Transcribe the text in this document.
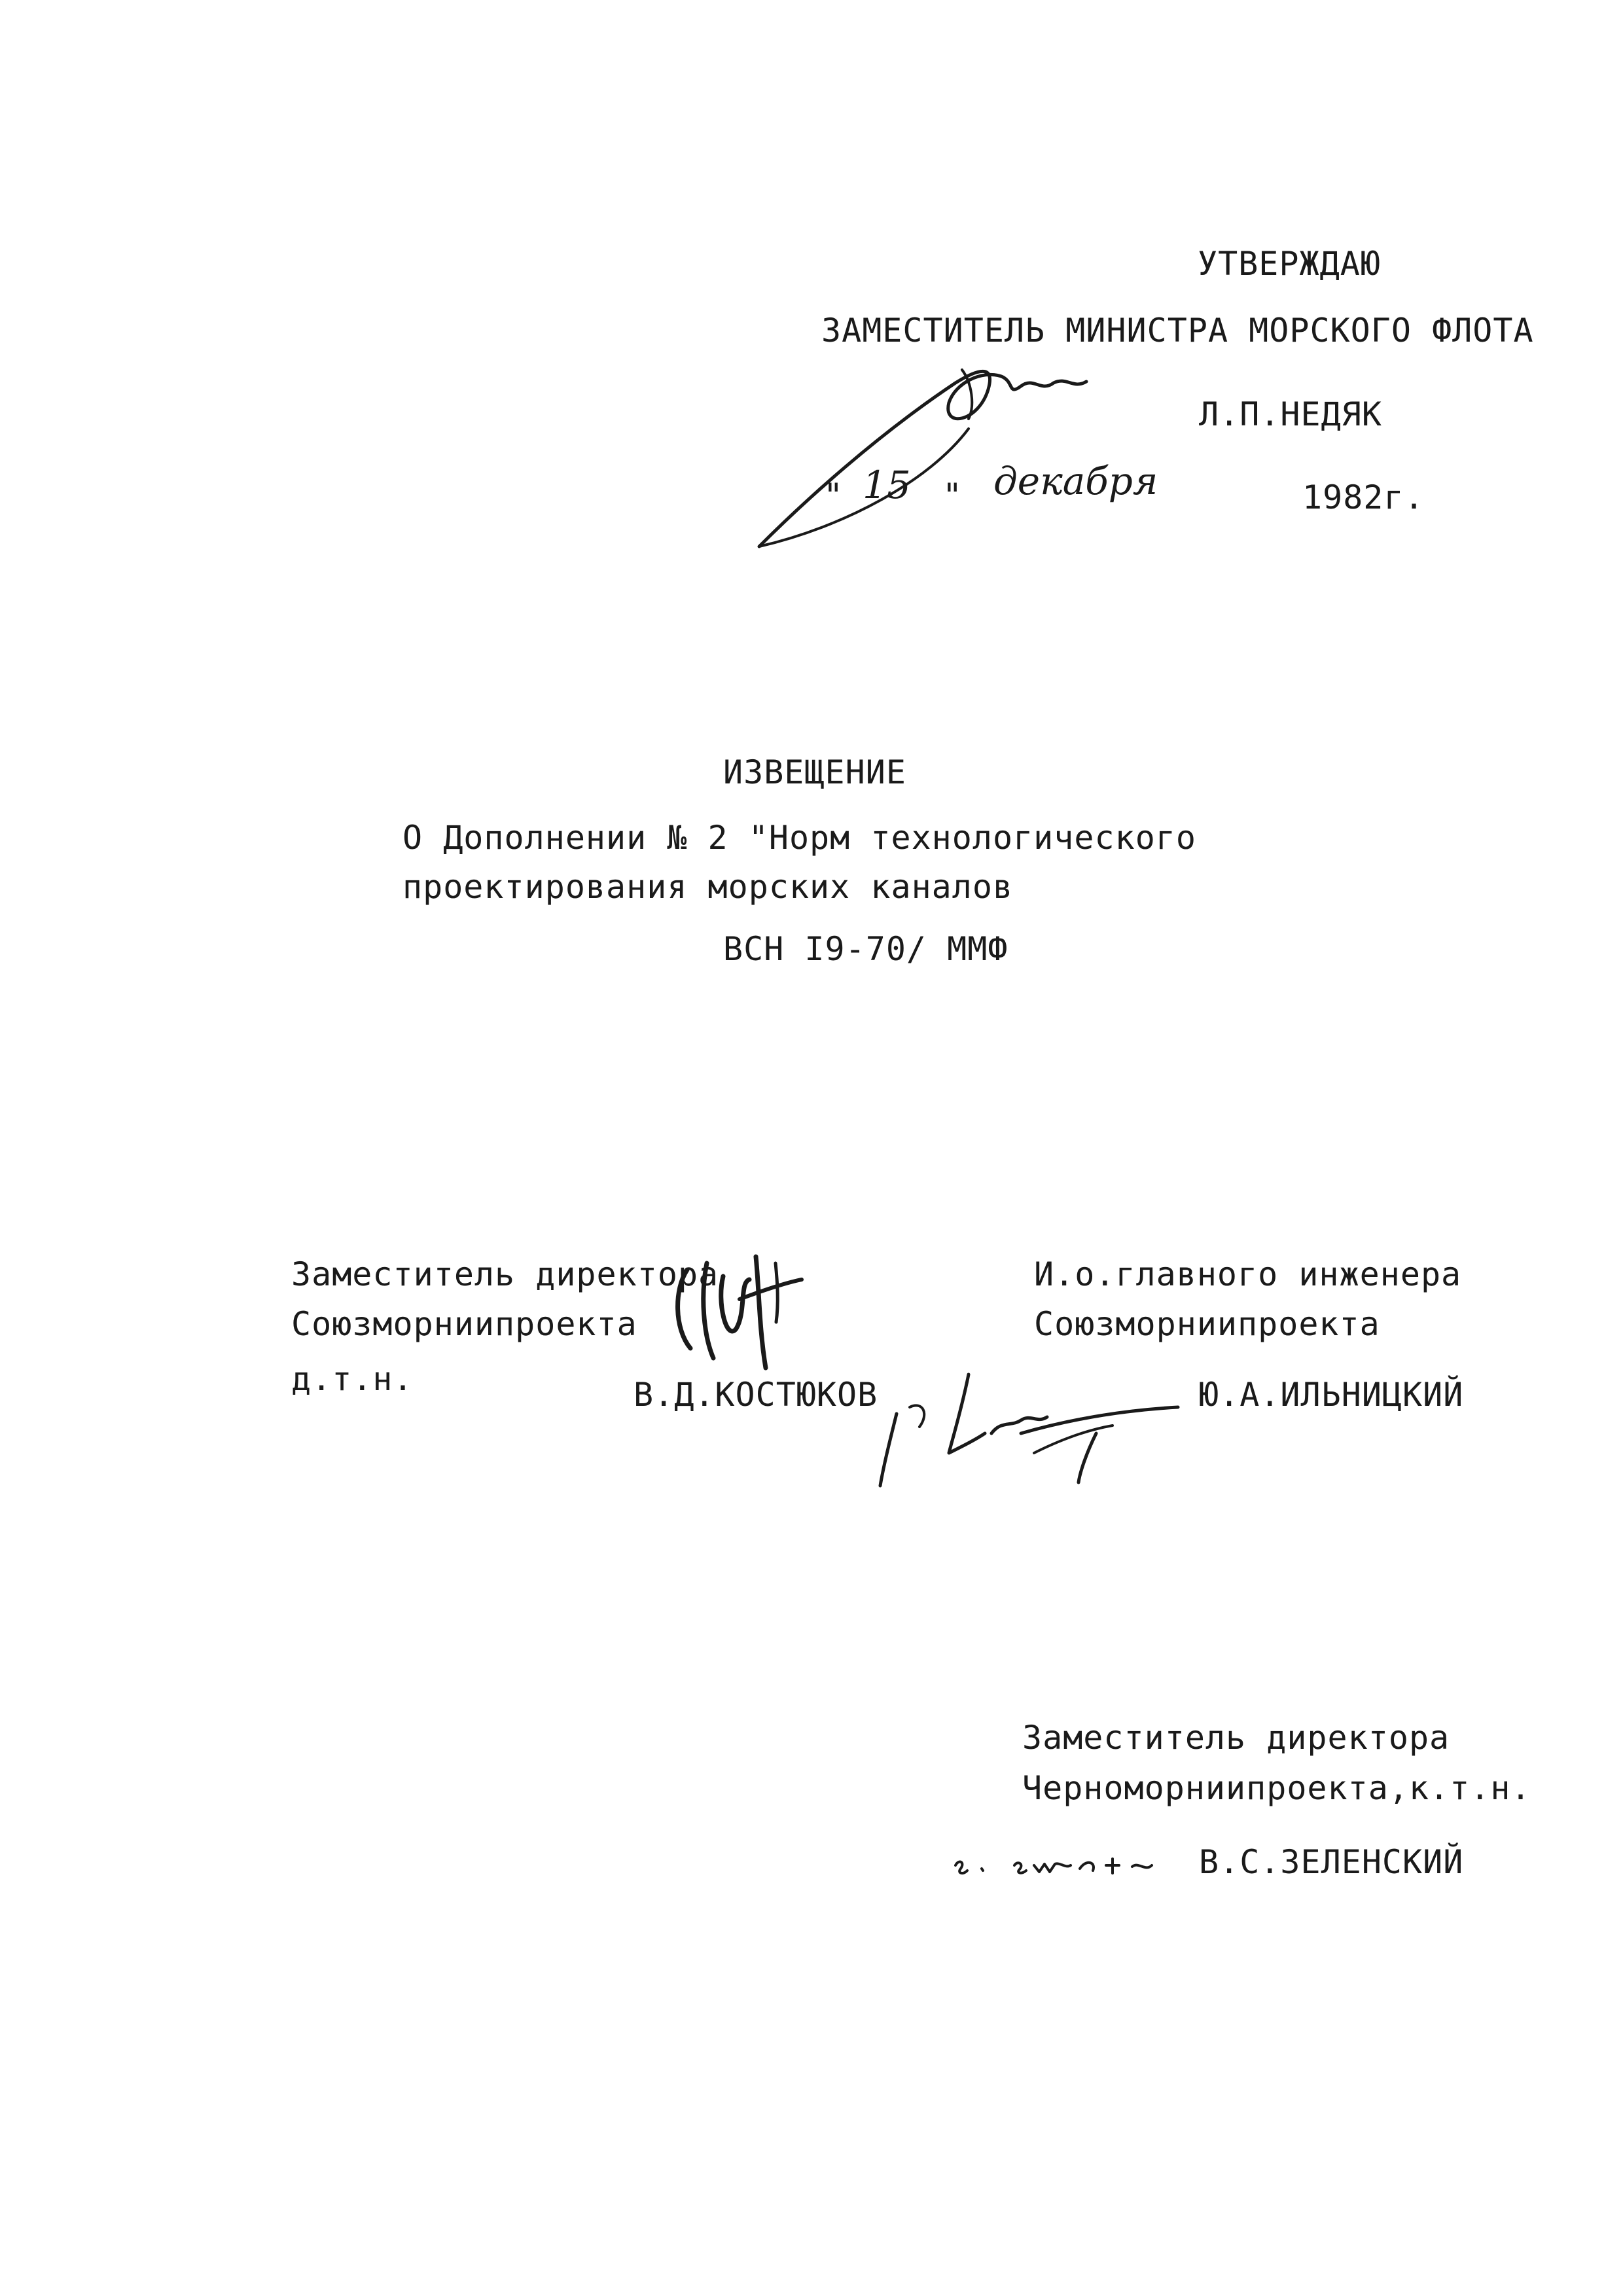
УТВЕРЖДАЮ
ЗАМЕСТИТЕЛЬ МИНИСТРА МОРСКОГО ФЛОТА
Л.П.НЕДЯК
" 15 " декабря	1982г.
ИЗВЕЩЕНИЕ
О Дополнении № 2 "Норм технологического
проектирования морских каналов
ВСН I9-70/ ММФ
Заместитель директора
Союзморниипроекта
д.т.н.	В.Д.КОСТЮКОВ
И.о.главного инженера
Союзморниипроекта
Ю.А.ИЛЬНИЦКИЙ
Заместитель директора
Черноморниипроекта,к.т.н.
В.С.ЗЕЛЕНСКИЙ
